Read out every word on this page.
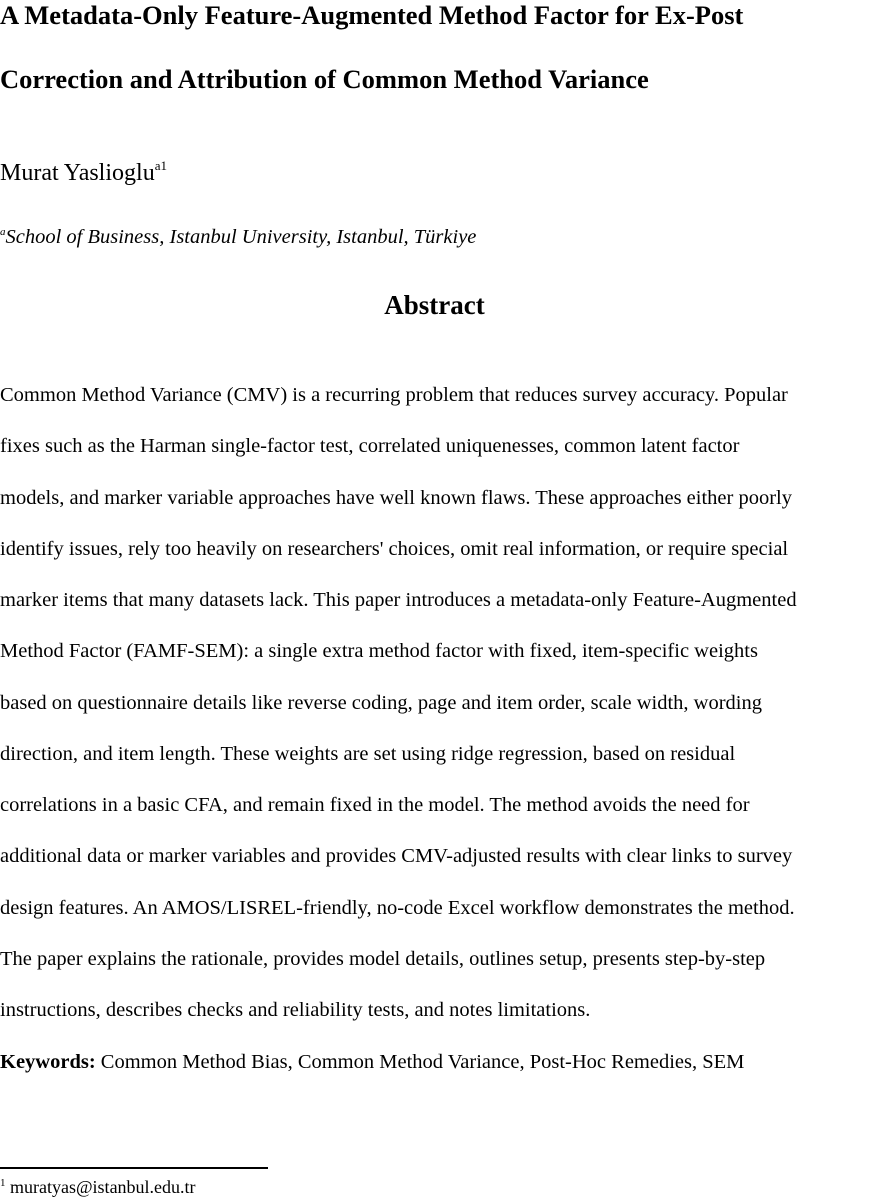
A Metadata-Only Feature-Augmented Method Factor for Ex-Post
Correction and Attribution of Common Method Variance
Murat Yaslioglu$^{a1}$
$^a$School of Business, Istanbul University, Istanbul, Türkiye
Abstract
Common Method Variance (CMV) is a recurring problem that reduces survey accuracy. Popular
fixes such as the Harman single-factor test, correlated uniquenesses, common latent factor
models, and marker variable approaches have well known flaws. These approaches either poorly
identify issues, rely too heavily on researchers' choices, omit real information, or require special
marker items that many datasets lack. This paper introduces a metadata-only Feature-Augmented
Method Factor (FAMF-SEM): a single extra method factor with fixed, item-specific weights
based on questionnaire details like reverse coding, page and item order, scale width, wording
direction, and item length. These weights are set using ridge regression, based on residual
correlations in a basic CFA, and remain fixed in the model. The method avoids the need for
additional data or marker variables and provides CMV-adjusted results with clear links to survey
design features. An AMOS/LISREL-friendly, no-code Excel workflow demonstrates the method.
The paper explains the rationale, provides model details, outlines setup, presents step-by-step
instructions, describes checks and reliability tests, and notes limitations.
Keywords: Common Method Bias, Common Method Variance, Post-Hoc Remedies, SEM
$^1$ muratyas@istanbul.edu.tr
